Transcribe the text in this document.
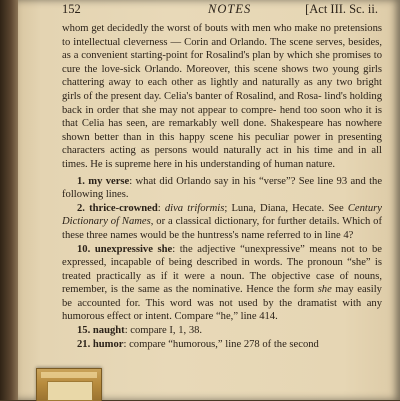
152	NOTES	[Act III. Sc. ii.

whom get decidedly the worst of bouts with men who make no pretensions to intellectual cleverness — Corin and Orlando. The scene serves, besides, as a convenient starting-point for Rosalind's plan by which she promises to cure the love-sick Orlando. Moreover, this scene shows two young girls chattering away to each other as lightly and naturally as any two bright girls of the present day. Celia's banter of Rosalind, and Rosa- lind's holding back in order that she may not appear to compre- hend too soon who it is that Celia has seen, are remarkably well done. Shakespeare has nowhere shown better than in this happy scene his peculiar power in presenting characters acting as persons would naturally act in his time and in all times. He is supreme here in his understanding of human nature.

1. my verse: what did Orlando say in his “verse”? See line 93 and the following lines.

2. thrice-crowned: diva triformis; Luna, Diana, Hecate. See Century Dictionary of Names, or a classical dictionary, for further details. Which of these three names would be the huntress's name referred to in line 4?

10. unexpressive she: the adjective “unexpressive” means not to be expressed, incapable of being described in words. The pronoun “she” is treated practically as if it were a noun. The objective case of nouns, remember, is the same as the nominative. Hence the form she may easily be accounted for. This word was not used by the dramatist with any humorous effect or intent. Compare “he,” line 414.

15. naught: compare I, 1, 38.

21. humor: compare “humorous,” line 278 of the second
